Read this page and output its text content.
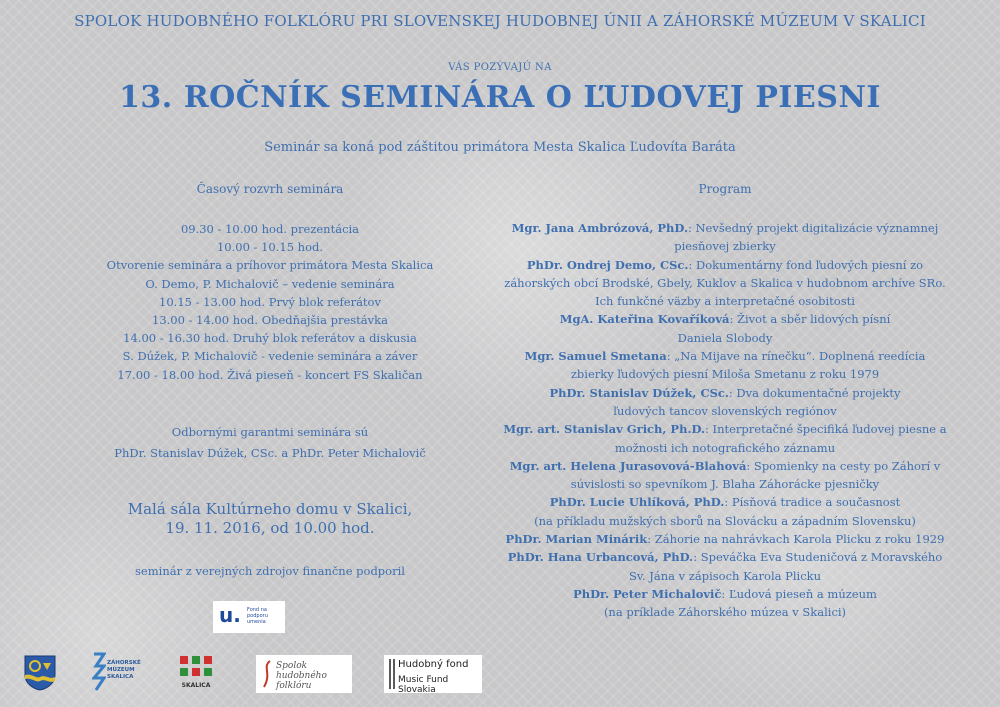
SPOLOK HUDOBNÉHO FOLKLÓRU PRI SLOVENSKEJ HUDOBNEJ ÚNII A ZÁHORSKÉ MÚZEUM V SKALICI
VÁS POZÝVAJÚ NA
13. ROČNÍK SEMINÁRA O ĽUDOVEJ PIESNI
Seminár sa koná pod záštitou primátora Mesta Skalica Ľudovíta Baráta
Časový rozvrh seminára	Program
09.30 - 10.00 hod. prezentácia
10.00 - 10.15 hod.
Otvorenie seminára a príhovor primátora Mesta Skalica
O. Demo, P. Michalovič – vedenie seminára
10.15 - 13.00 hod. Prvý blok referátov
13.00 - 14.00 hod. Obedňajšia prestávka
14.00 - 16.30 hod. Druhý blok referátov a diskusia
S. Dúžek, P. Michalovič - vedenie seminára a záver
17.00 - 18.00 hod. Živá pieseň - koncert FS Skaličan
Odbornými garantmi seminára sú
PhDr. Stanislav Dúžek, CSc. a PhDr. Peter Michalovič
Malá sála Kultúrneho domu v Skalici,
19. 11. 2016, od 10.00 hod.
seminár z verejných zdrojov finančne podporil
Mgr. Jana Ambrózová, PhD.: Nevšedný projekt digitalizácie významnej
piesňovej zbierky
PhDr. Ondrej Demo, CSc.: Dokumentárny fond ľudových piesní zo
záhorských obcí Brodské, Gbely, Kuklov a Skalica v hudobnom archíve SRo.
Ich funkčné väzby a interpretačné osobitosti
MgA. Kateřina Kovaříková: Život a sběr lidových písní
Daniela Slobody
Mgr. Samuel Smetana: „Na Mijave na rínečku“. Doplnená reedícia
zbierky ľudových piesní Miloša Smetanu z roku 1979
PhDr. Stanislav Dúžek, CSc.: Dva dokumentačné projekty
ľudových tancov slovenských regiónov
Mgr. art. Stanislav Grich, Ph.D.: Interpretačné špecifiká ľudovej piesne a
možnosti ich notografického záznamu
Mgr. art. Helena Jurasovová-Blahová: Spomienky na cesty po Záhorí v
súvislosti so spevníkom J. Blaha Záhorácke pjesničky
PhDr. Lucie Uhlíková, PhD.: Písňová tradice a současnost
(na příkladu mužských sborů na Slovácku a západním Slovensku)
PhDr. Marian Minárik: Záhorie na nahrávkach Karola Plicku z roku 1929
PhDr. Hana Urbancová, PhD.: Speváčka Eva Studeničová z Moravského
Sv. Jána v zápisoch Karola Plicku
PhDr. Peter Michalovič: Ľudová pieseň a múzeum
(na príklade Záhorského múzea v Skalici)
u. Fond na podporu umenia
ZÁHORSKÉ MÚZEUM SKALICA
SKALICA
Spolok hudobného folklóru
Hudobný fond
Music Fund Slovakia
